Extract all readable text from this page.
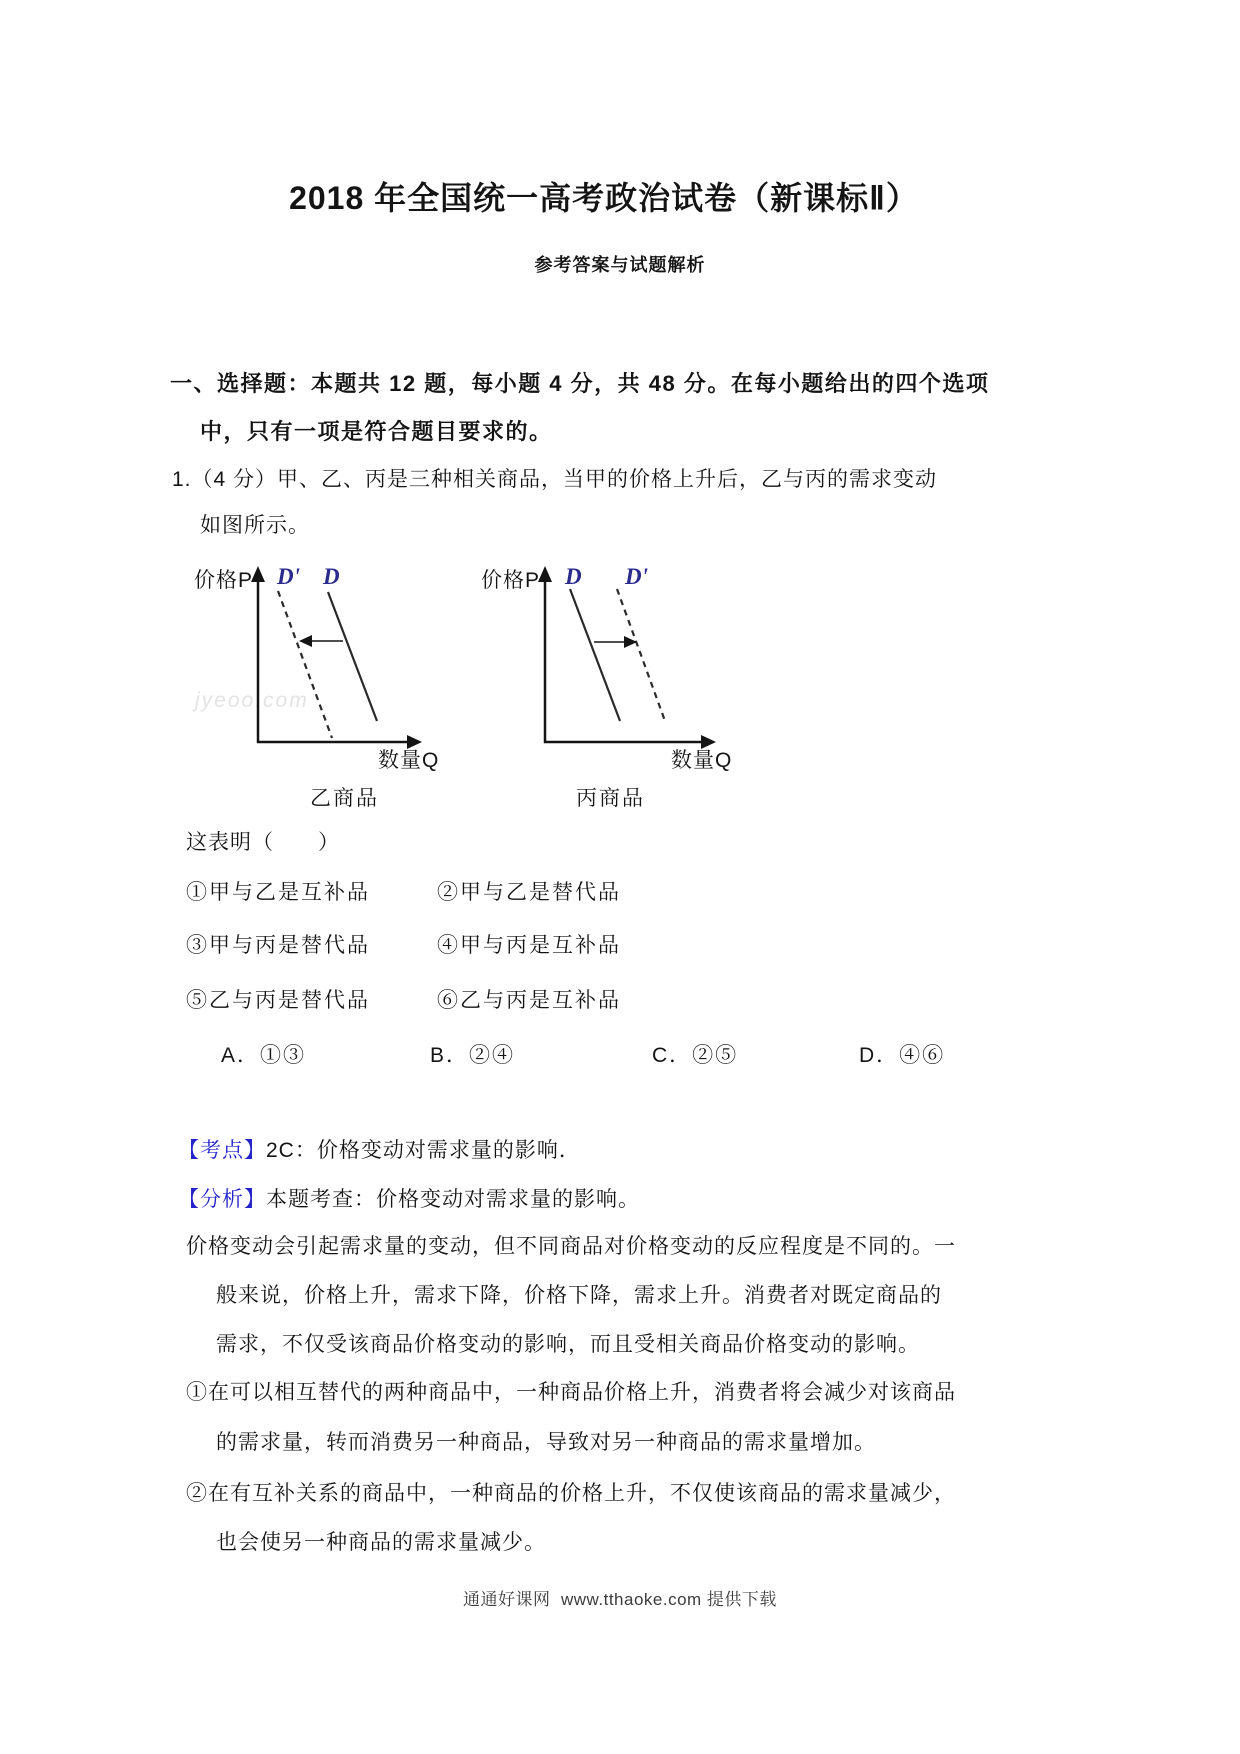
2018 年全国统一高考政治试卷（新课标Ⅱ）
参考答案与试题解析
一、选择题：本题共 12 题，每小题 4 分，共 48 分。在每小题给出的四个选项
中，只有一项是符合题目要求的。
1.（4 分）甲、乙、丙是三种相关商品，当甲的价格上升后，乙与丙的需求变动
如图所示。
jyeoo.com
价格P D' D
数量Q
乙商品
价格P D D'
数量Q
丙商品
这表明（　　）
①甲与乙是互补品	②甲与乙是替代品
③甲与丙是替代品	④甲与丙是互补品
⑤乙与丙是替代品	⑥乙与丙是互补品
A．①③	B．②④	C．②⑤	D．④⑥
【考点】2C：价格变动对需求量的影响．
【分析】本题考查：价格变动对需求量的影响。
价格变动会引起需求量的变动，但不同商品对价格变动的反应程度是不同的。一
般来说，价格上升，需求下降，价格下降，需求上升。消费者对既定商品的
需求，不仅受该商品价格变动的影响，而且受相关商品价格变动的影响。
①在可以相互替代的两种商品中，一种商品价格上升，消费者将会减少对该商品
的需求量，转而消费另一种商品，导致对另一种商品的需求量增加。
②在有互补关系的商品中，一种商品的价格上升，不仅使该商品的需求量减少，
也会使另一种商品的需求量减少。
通通好课网  www.tthaoke.com 提供下载
